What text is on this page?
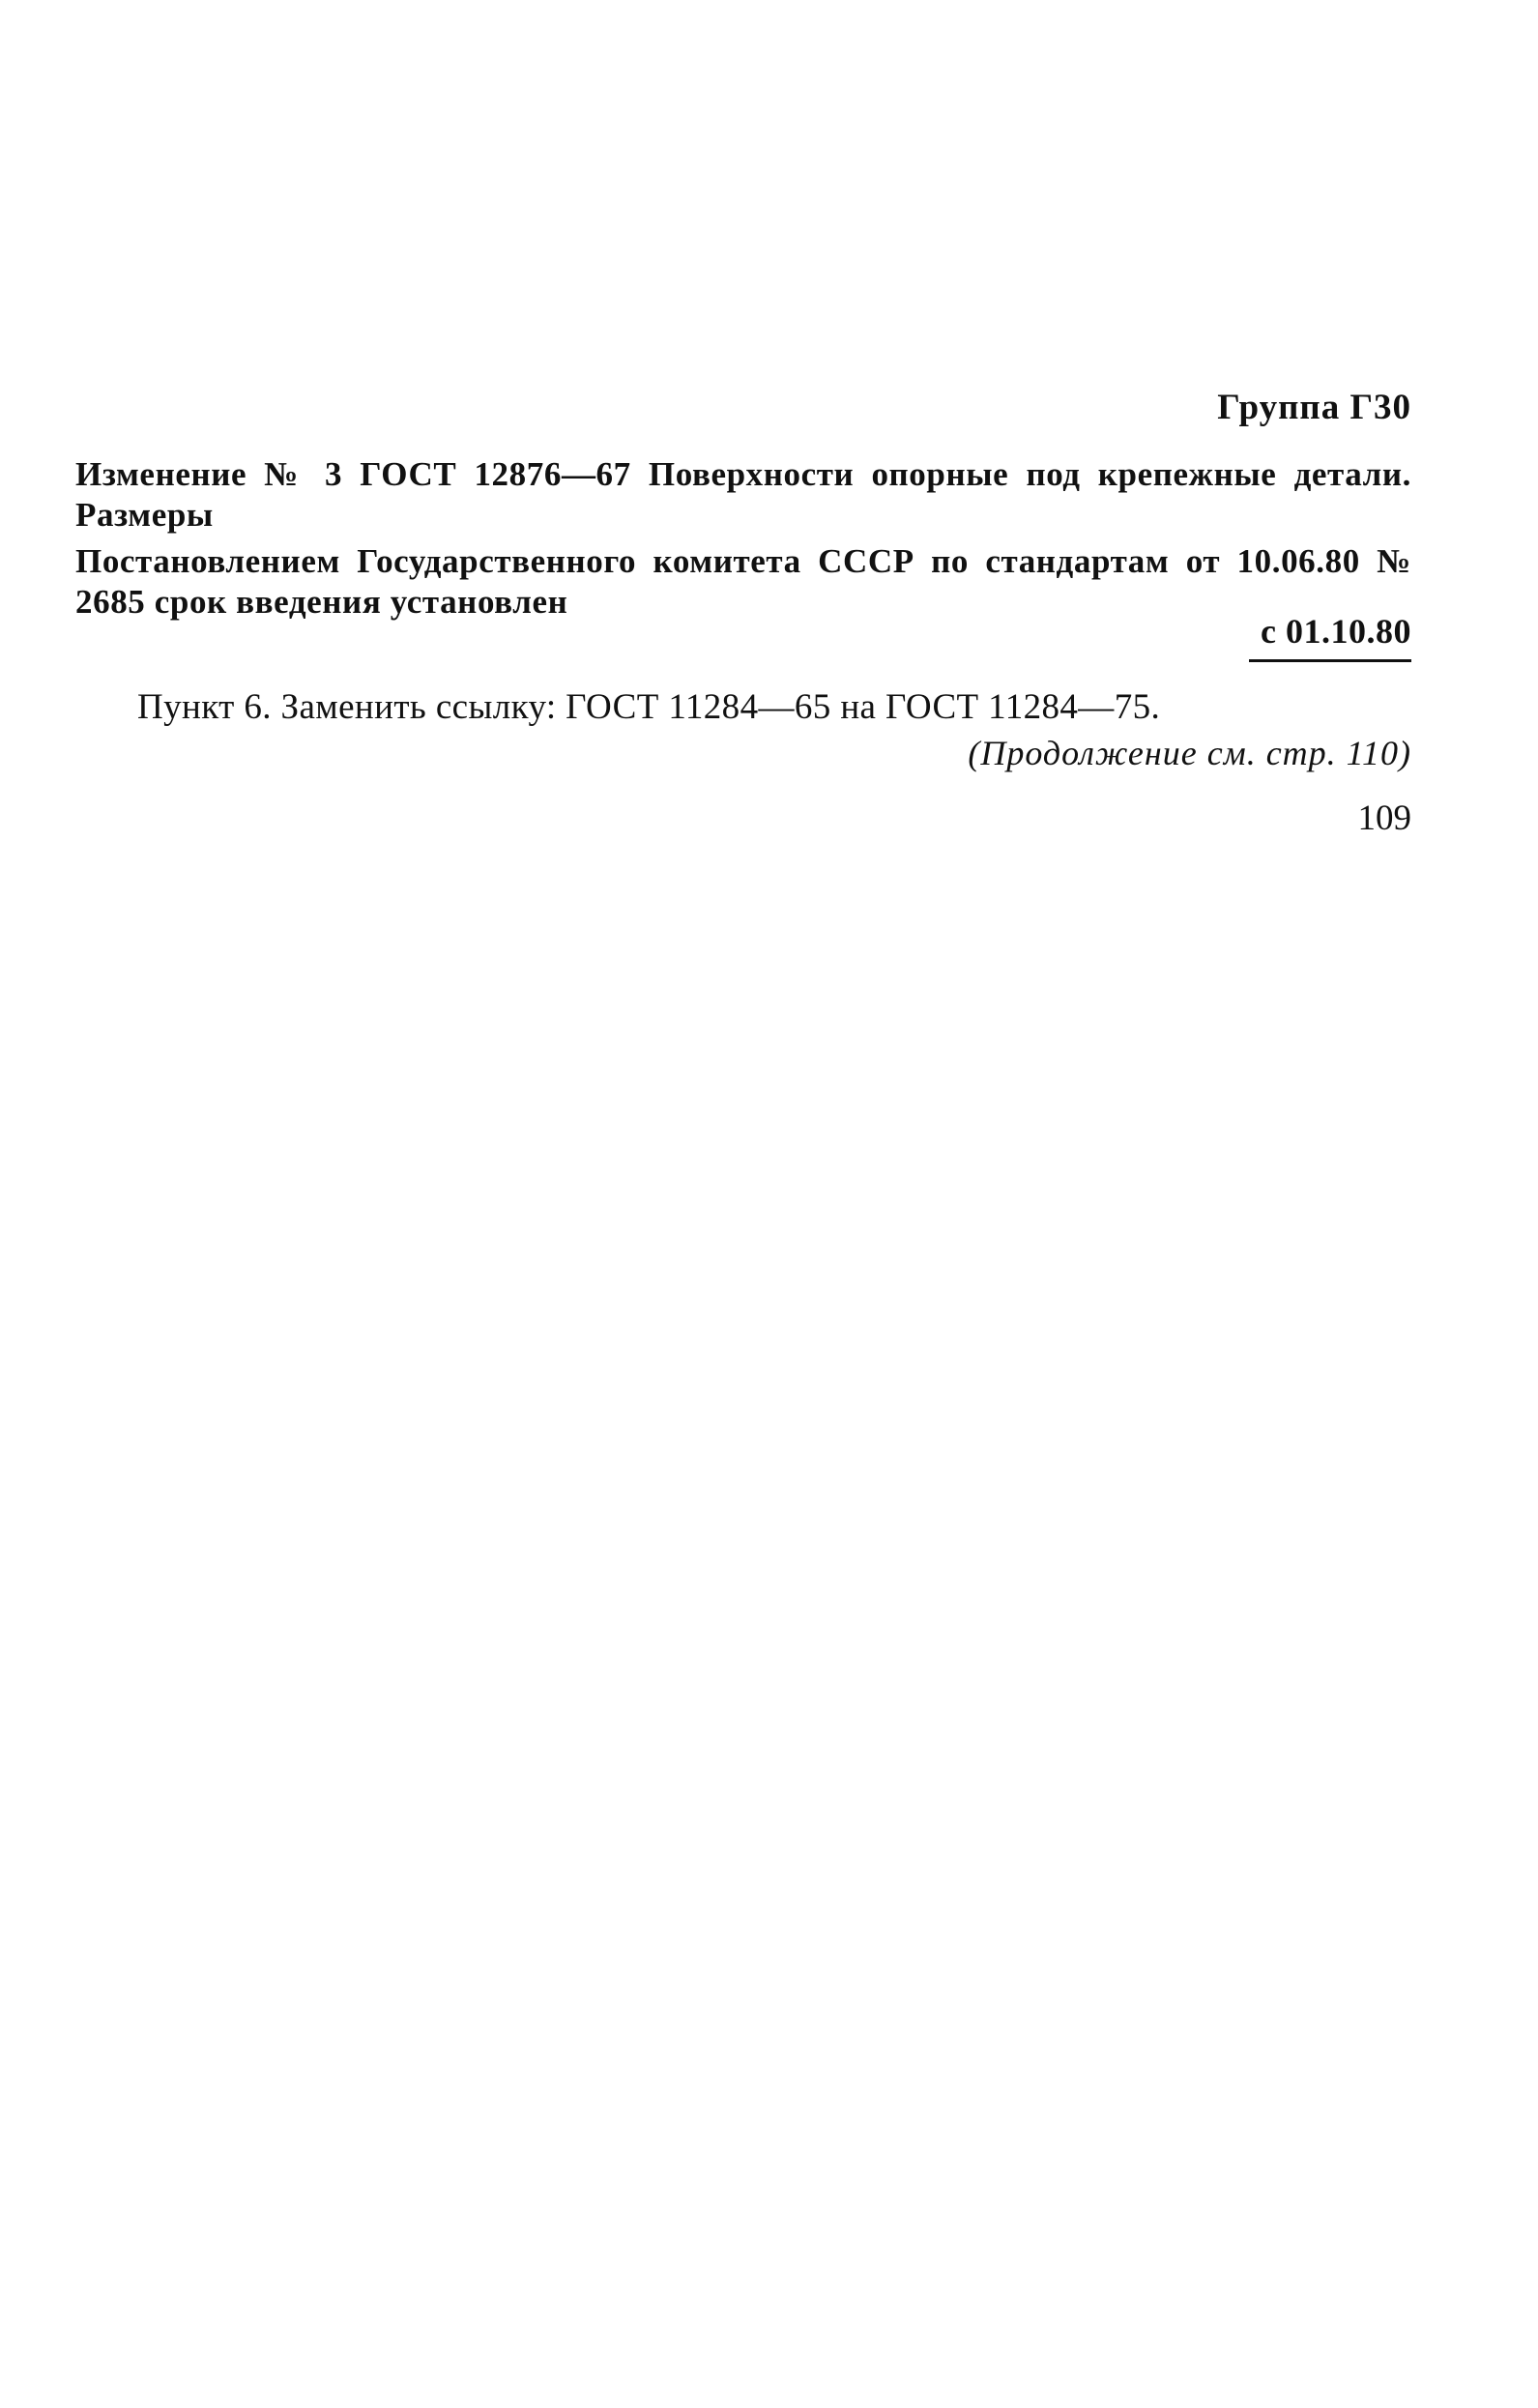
Группа Г30
Изменение № 3 ГОСТ 12876—67 Поверхности опорные под крепежные детали. Размеры
Постановлением Государственного комитета СССР по стандартам от 10.06.80 № 2685 срок введения установлен
с 01.10.80
Пункт 6. Заменить ссылку: ГОСТ 11284—65 на ГОСТ 11284—75.
(Продолжение см. стр. 110)
109
